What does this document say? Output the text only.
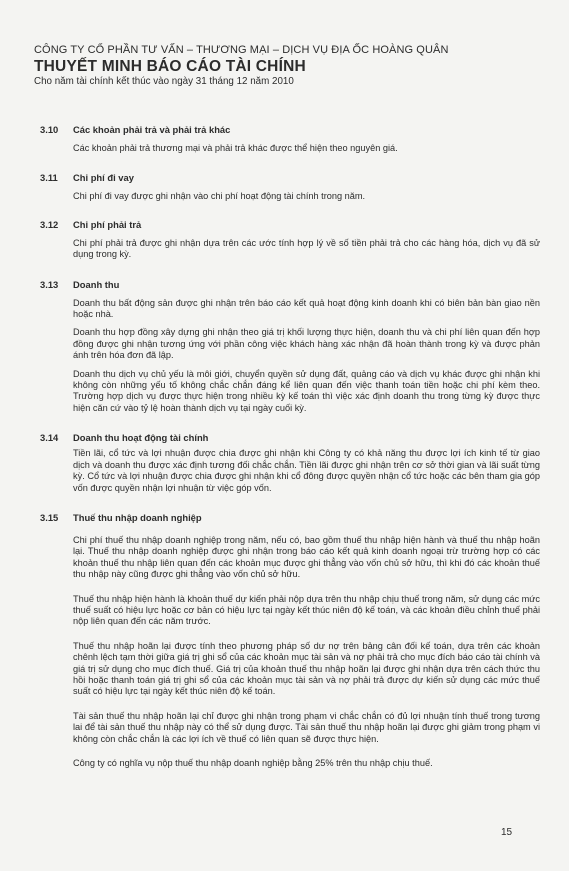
CÔNG TY CỔ PHẦN TƯ VẤN – THƯƠNG MẠI – DỊCH VỤ ĐỊA ỐC HOÀNG QUÂN
THUYẾT MINH BÁO CÁO TÀI CHÍNH
Cho năm tài chính kết thúc vào ngày 31 tháng 12 năm 2010
3.10	Các khoản phải trả và phải trả khác

Các khoản phải trả thương mại và phải trả khác được thể hiện theo nguyên giá.

3.11	Chi phí đi vay

Chi phí đi vay được ghi nhận vào chi phí hoạt động tài chính trong năm.

3.12	Chi phí phải trả

Chi phí phải trả được ghi nhận dựa trên các ước tính hợp lý về số tiền phải trả cho các hàng hóa, dịch vụ đã sử dụng trong kỳ.

3.13	Doanh thu

Doanh thu bất động sản được ghi nhận trên báo cáo kết quả hoạt động kinh doanh khi có biên bản bàn giao nền hoặc nhà.

Doanh thu hợp đồng xây dựng ghi nhận theo giá trị khối lượng thực hiện, doanh thu và chi phí liên quan đến hợp đồng được ghi nhận tương ứng với phần công việc khách hàng xác nhận đã hoàn thành trong kỳ và được phản ánh trên hóa đơn đã lập.

Doanh thu dịch vụ chủ yếu là môi giới, chuyển quyền sử dụng đất, quảng cáo và dịch vụ khác được ghi nhận khi không còn những yếu tố không chắc chắn đáng kể liên quan đến việc thanh toán tiền hoặc chi phí kèm theo. Trường hợp dịch vụ được thực hiện trong nhiều kỳ kế toán thì việc xác định doanh thu trong từng kỳ được thực hiện căn cứ vào tỷ lệ hoàn thành dịch vụ tại ngày cuối kỳ.

3.14	Doanh thu hoạt động tài chính

Tiền lãi, cổ tức và lợi nhuận được chia được ghi nhận khi Công ty có khả năng thu được lợi ích kinh tế từ giao dịch và doanh thu được xác định tương đối chắc chắn. Tiền lãi được ghi nhận trên cơ sở thời gian và lãi suất từng kỳ. Cổ tức và lợi nhuận được chia được ghi nhận khi cổ đông được quyền nhận cổ tức hoặc các bên tham gia góp vốn được quyền nhận lợi nhuận từ việc góp vốn.

3.15	Thuế thu nhập doanh nghiệp

Chi phí thuế thu nhập doanh nghiệp trong năm, nếu có, bao gồm thuế thu nhập hiện hành và thuế thu nhập hoãn lại. Thuế thu nhập doanh nghiệp được ghi nhận trong báo cáo kết quả kinh doanh ngoại trừ trường hợp có các khoản thuế thu nhập liên quan đến các khoản mục được ghi thẳng vào vốn chủ sở hữu, thì khi đó các khoản thuế thu nhập này cũng được ghi thẳng vào vốn chủ sở hữu.

Thuế thu nhập hiện hành là khoản thuế dự kiến phải nộp dựa trên thu nhập chịu thuế trong năm, sử dụng các mức thuế suất có hiệu lực hoặc cơ bản có hiệu lực tại ngày kết thúc niên độ kế toán, và các khoản điều chỉnh thuế phải nộp liên quan đến các năm trước.

Thuế thu nhập hoãn lại được tính theo phương pháp số dư nợ trên bảng cân đối kế toán, dựa trên các khoản chênh lệch tạm thời giữa giá trị ghi sổ của các khoản mục tài sản và nợ phải trả cho mục đích báo cáo tài chính và giá trị sử dụng cho mục đích thuế. Giá trị của khoản thuế thu nhập hoãn lại được ghi nhận dựa trên cách thức thu hồi hoặc thanh toán giá trị ghi sổ của các khoản mục tài sản và nợ phải trả được dự kiến sử dụng các mức thuế suất có hiệu lực tại ngày kết thúc niên độ kế toán.

Tài sản thuế thu nhập hoãn lại chỉ được ghi nhận trong phạm vi chắc chắn có đủ lợi nhuận tính thuế trong tương lai để tài sản thuế thu nhập này có thể sử dụng được. Tài sản thuế thu nhập hoãn lại được ghi giảm trong phạm vi không còn chắc chắn là các lợi ích về thuế có liên quan sẽ được thực hiện.

Công ty có nghĩa vụ nộp thuế thu nhập doanh nghiệp bằng 25% trên thu nhập chịu thuế.

15
